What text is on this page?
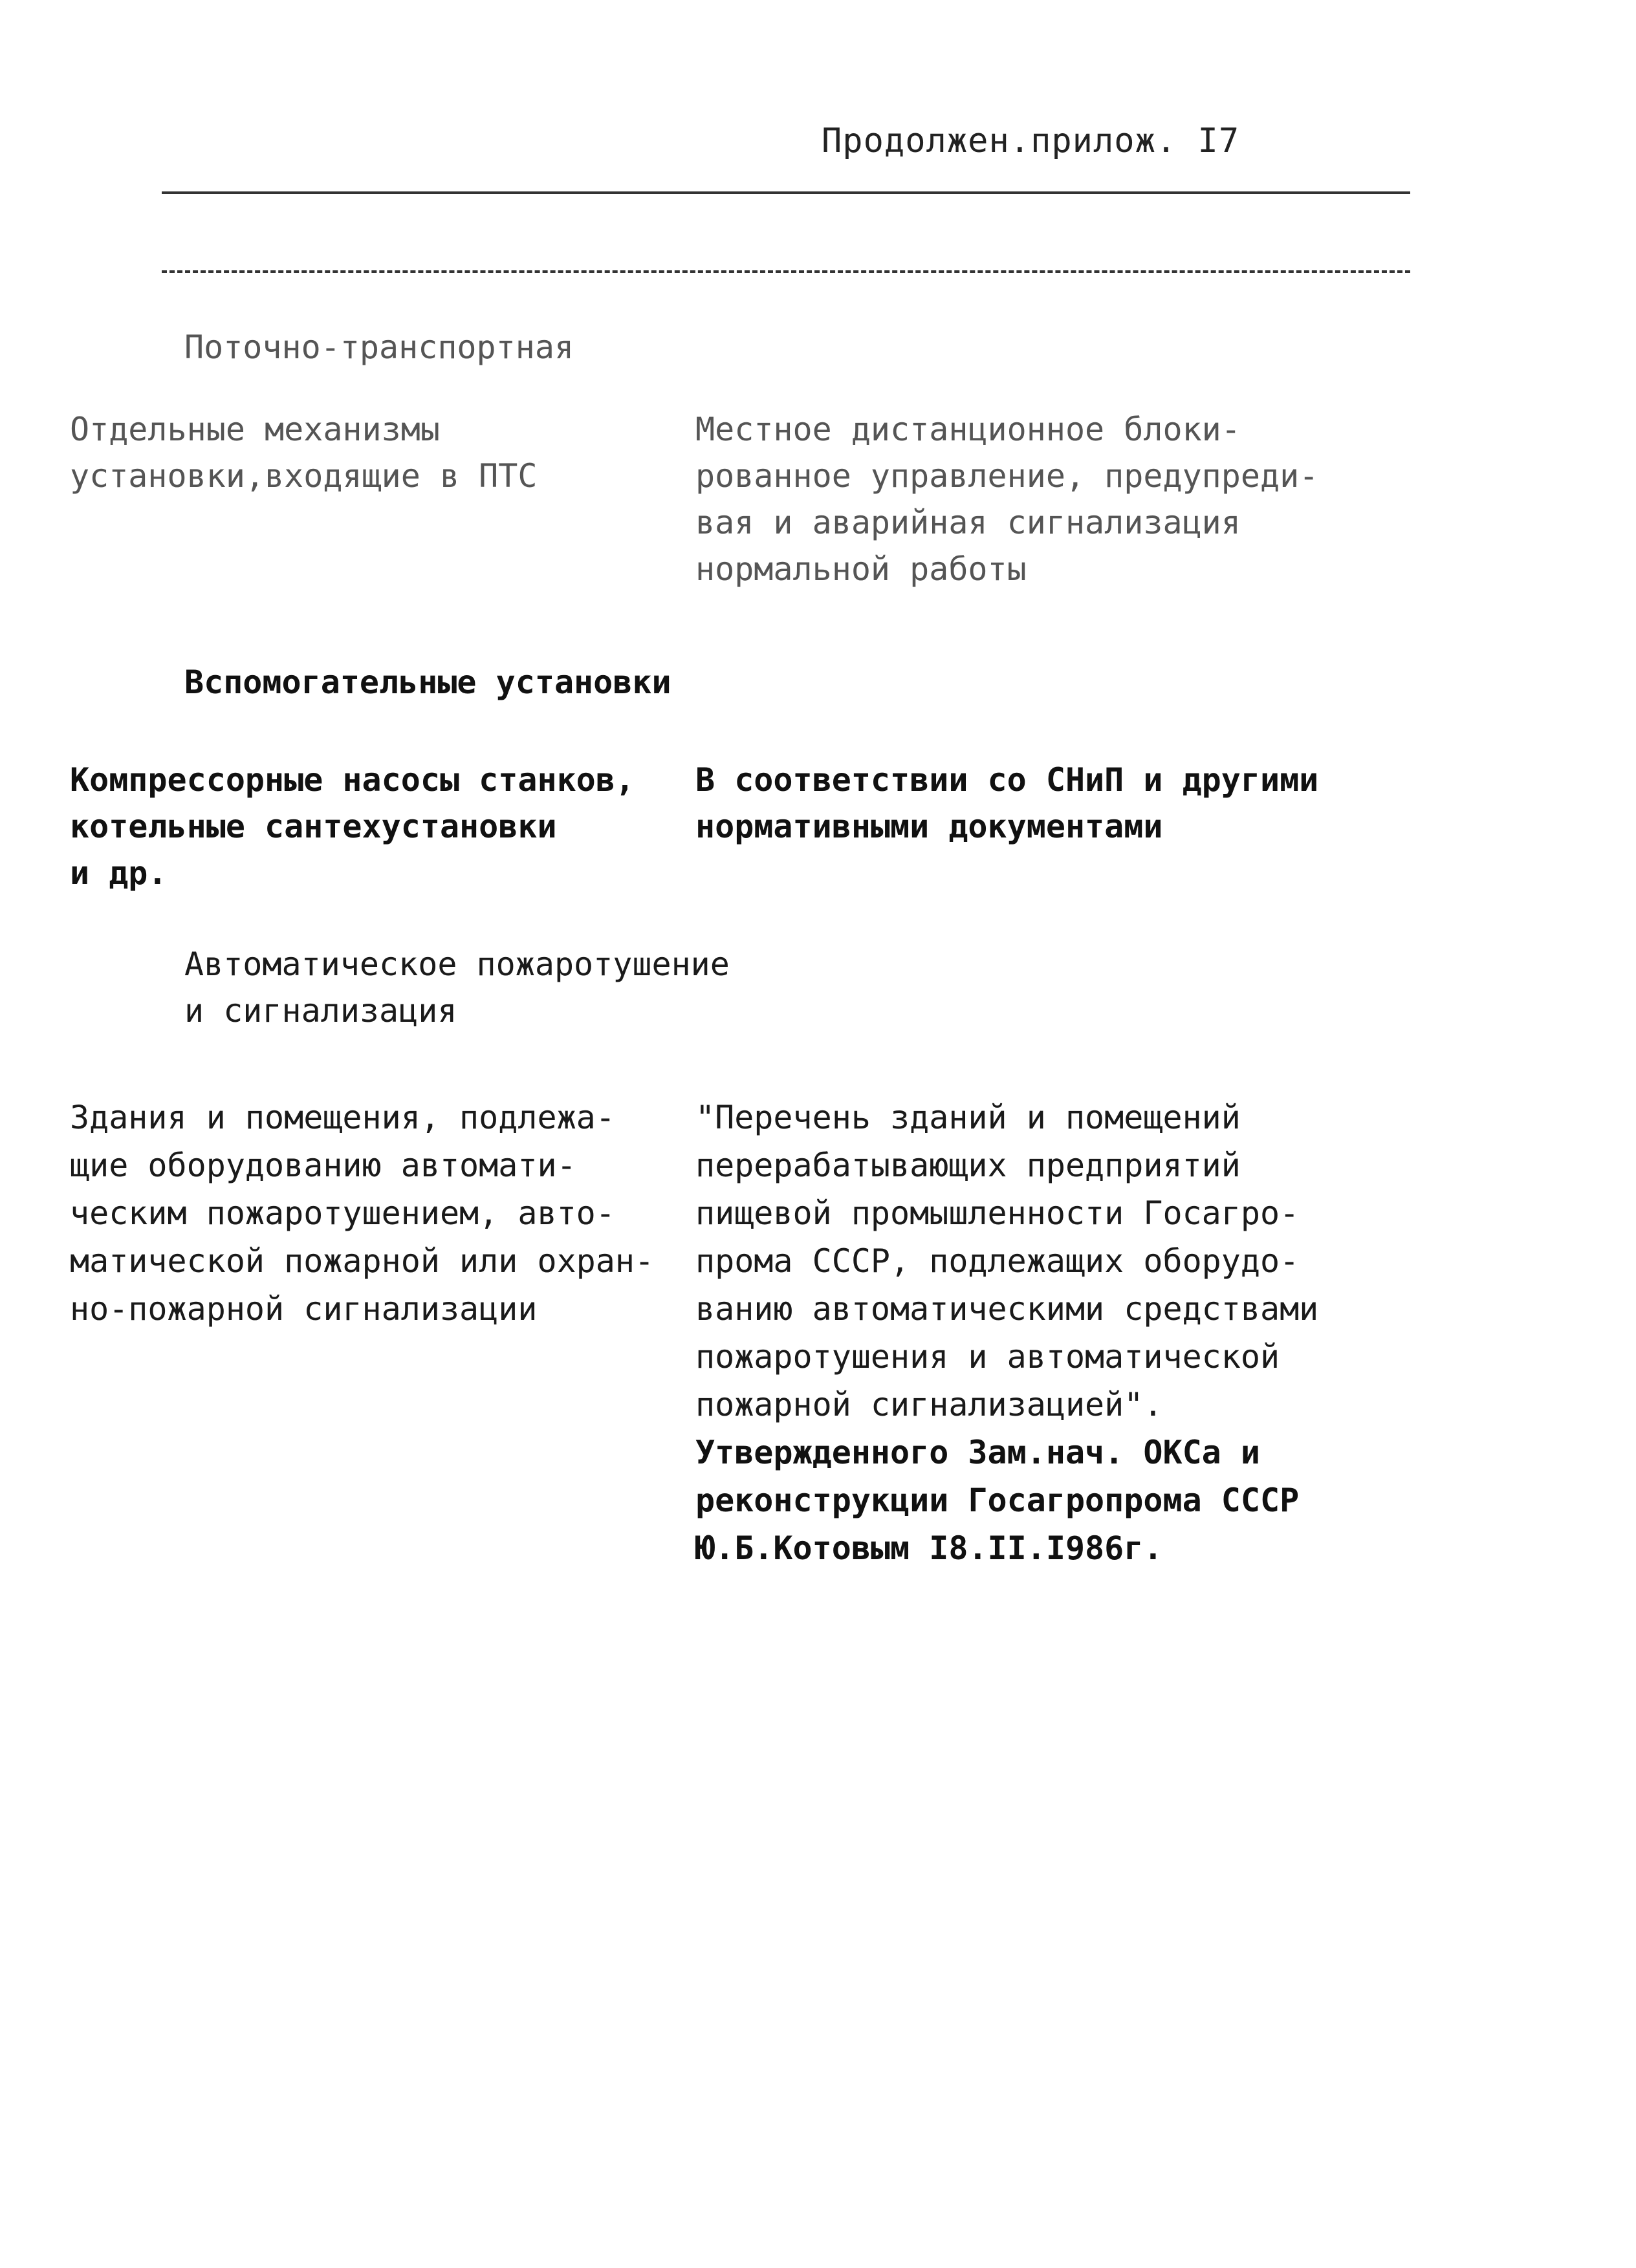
Продолжен.прилож. I7
Поточно-транспортная
Отдельные механизмы
установки,входящие в ПТС
Местное дистанционное блоки-
рованное управление, предупреди-
вая и аварийная сигнализация
нормальной работы
Вспомогательные установки
Компрессорные насосы станков,
котельные сантехустановки
и др.
В соответствии со СНиП и другими
нормативными документами
Автоматическое пожаротушение
и сигнализация
Здания и помещения, подлежа-
щие оборудованию автомати-
ческим пожаротушением, авто-
матической пожарной или охран-
но-пожарной сигнализации
"Перечень зданий и помещений
перерабатывающих предприятий
пищевой промышленности Госагро-
прома СССР, подлежащих оборудо-
ванию автоматическими средствами
пожаротушения и автоматической
пожарной сигнализацией".
Утвержденного Зам.нач. ОКСа и
реконструкции Госагропрома СССР
Ю.Б.Котовым I8.II.I986г.
